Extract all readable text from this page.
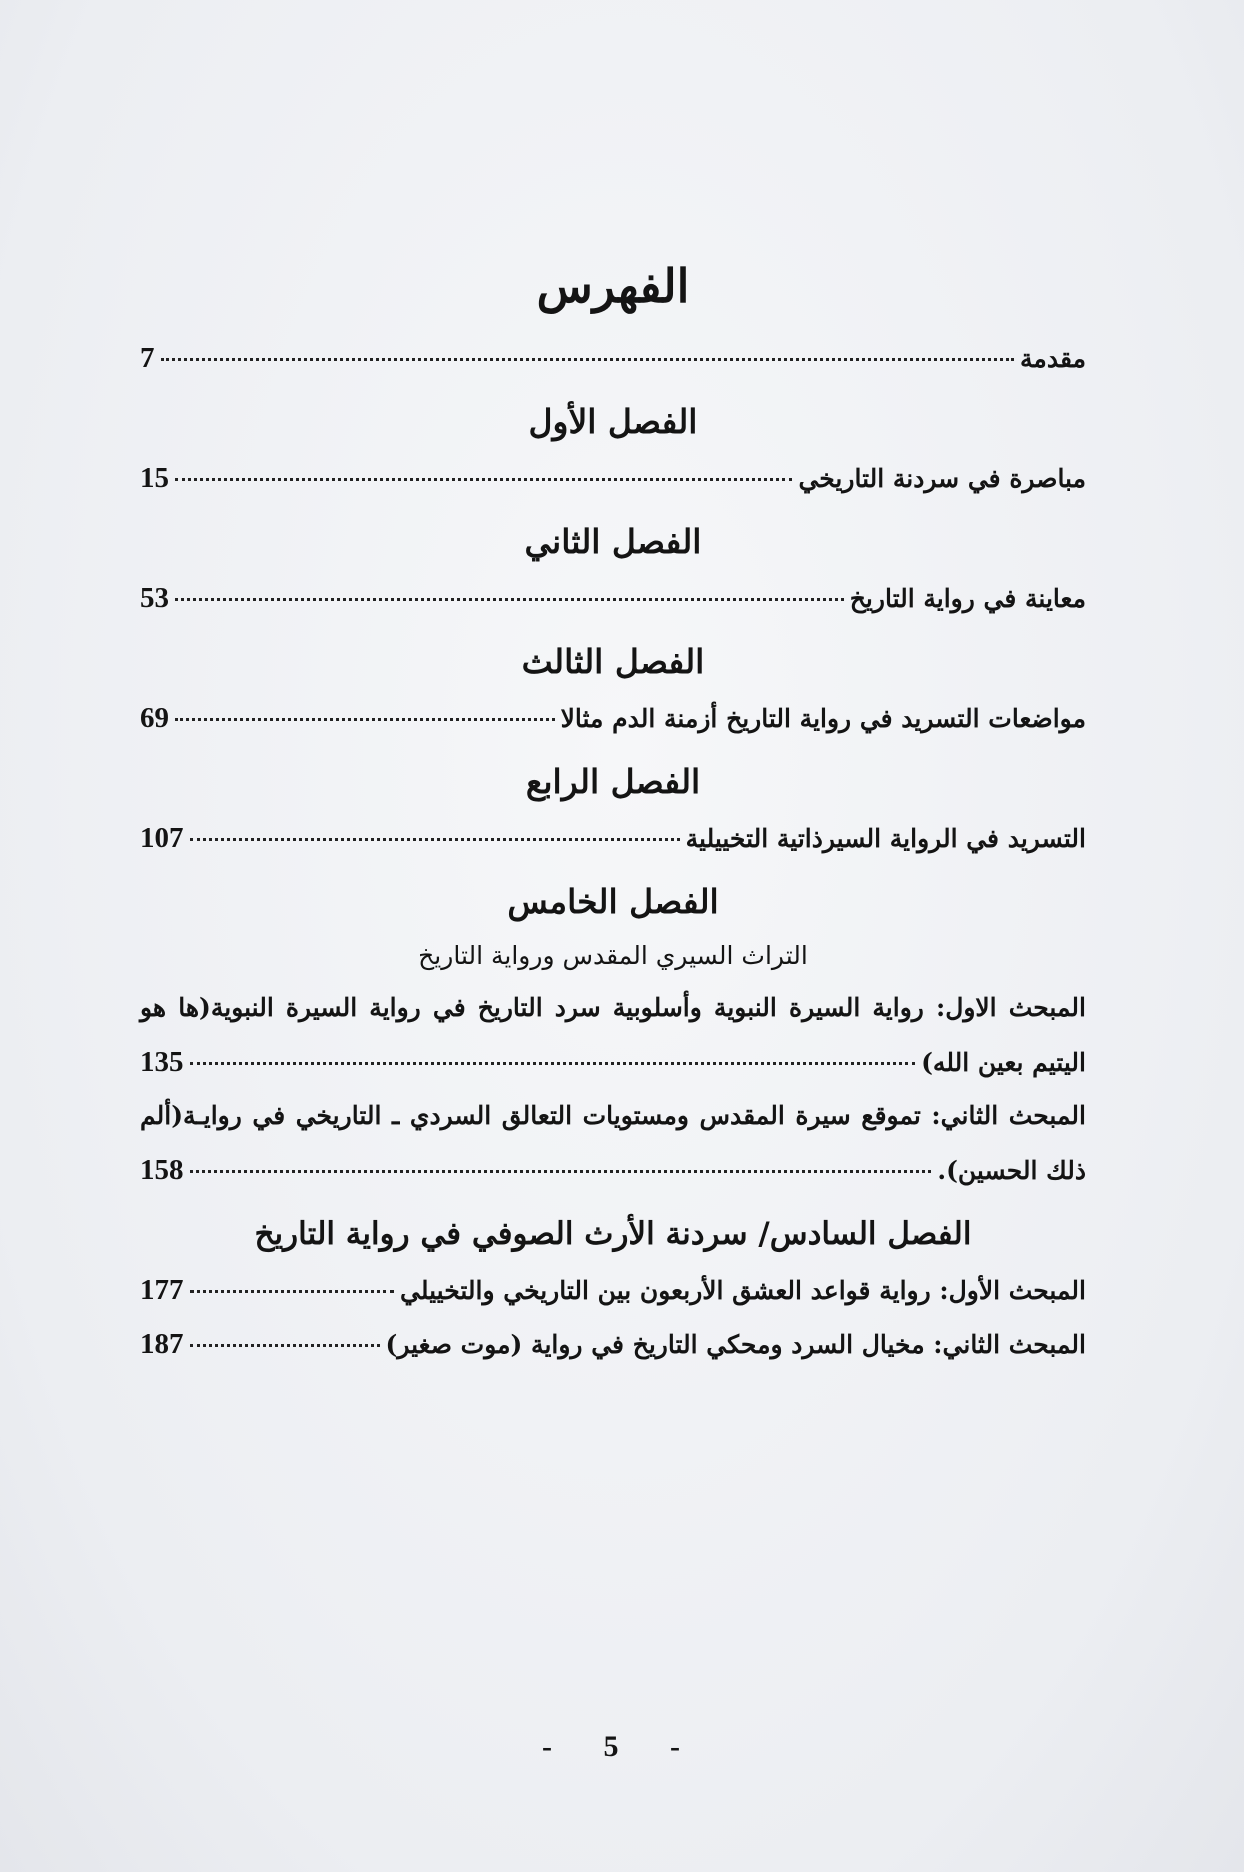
الفهرس
مقدمة
7
الفصل الأول
مباصرة في سردنة التاريخي
15
الفصل الثاني
معاينة في رواية التاريخ
53
الفصل الثالث
مواضعات التسريد في رواية التاريخ أزمنة الدم مثالا
69
الفصل الرابع
التسريد في الرواية السيرذاتية التخييلية
107
الفصل الخامس
التراث السيري المقدس ورواية التاريخ
المبحث الاول: رواية السيرة النبوية وأسلوبية سرد التاريخ في رواية السيرة النبوية(ها هو
اليتيم بعين الله)
135
المبحث الثاني: تموقع سيرة المقدس ومستويات التعالق السردي ـ التاريخي في روايـة(ألم
ذلك الحسين).
158
الفصل السادس/ سردنة الأرث الصوفي في رواية التاريخ
المبحث الأول: رواية قواعد العشق الأربعون بين التاريخي والتخييلي
177
المبحث الثاني: مخيال السرد ومحكي التاريخ في رواية (موت صغير)
187
- 5 -
